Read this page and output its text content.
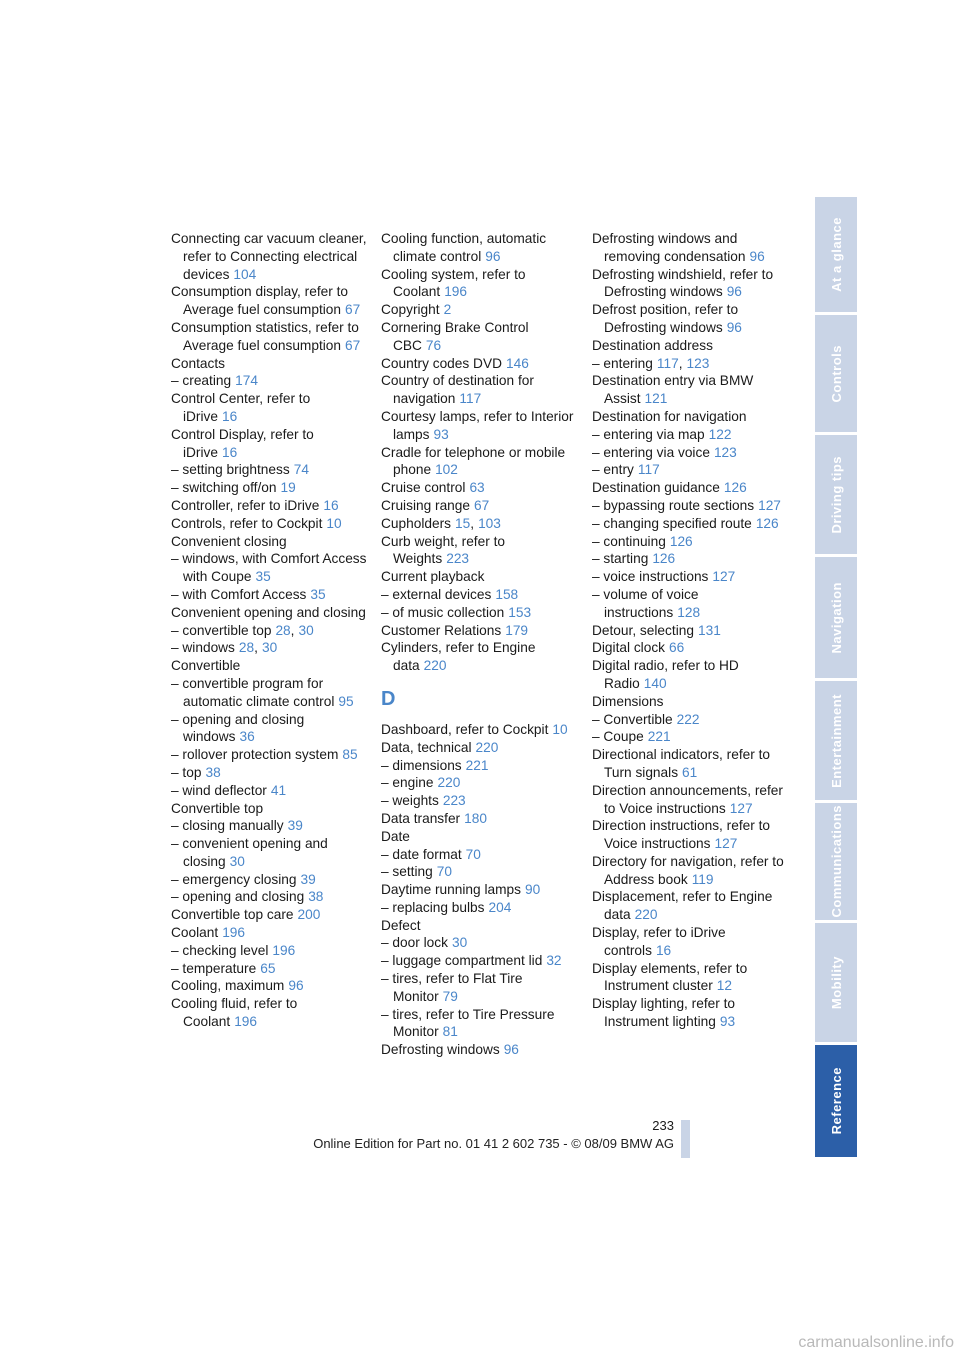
Connecting car vacuum cleaner, refer to Connecting electrical devices 104
Consumption display, refer to Average fuel consumption 67
Consumption statistics, refer to Average fuel consumption 67
Contacts
– creating 174
Control Center, refer to iDrive 16
Control Display, refer to iDrive 16
– setting brightness 74
– switching off/on 19
Controller, refer to iDrive 16
Controls, refer to Cockpit 10
Convenient closing
– windows, with Comfort Access with Coupe 35
– with Comfort Access 35
Convenient opening and closing
– convertible top 28, 30
– windows 28, 30
Convertible
– convertible program for automatic climate control 95
– opening and closing windows 36
– rollover protection system 85
– top 38
– wind deflector 41
Convertible top
– closing manually 39
– convenient opening and closing 30
– emergency closing 39
– opening and closing 38
Convertible top care 200
Coolant 196
– checking level 196
– temperature 65
Cooling, maximum 96
Cooling fluid, refer to Coolant 196
Cooling function, automatic climate control 96
Cooling system, refer to Coolant 196
Copyright 2
Cornering Brake Control CBC 76
Country codes DVD 146
Country of destination for navigation 117
Courtesy lamps, refer to Interior lamps 93
Cradle for telephone or mobile phone 102
Cruise control 63
Cruising range 67
Cupholders 15, 103
Curb weight, refer to Weights 223
Current playback
– external devices 158
– of music collection 153
Customer Relations 179
Cylinders, refer to Engine data 220
D
Dashboard, refer to Cockpit 10
Data, technical 220
– dimensions 221
– engine 220
– weights 223
Data transfer 180
Date
– date format 70
– setting 70
Daytime running lamps 90
– replacing bulbs 204
Defect
– door lock 30
– luggage compartment lid 32
– tires, refer to Flat Tire Monitor 79
– tires, refer to Tire Pressure Monitor 81
Defrosting windows 96
Defrosting windows and removing condensation 96
Defrosting windshield, refer to Defrosting windows 96
Defrost position, refer to Defrosting windows 96
Destination address
– entering 117, 123
Destination entry via BMW Assist 121
Destination for navigation
– entering via map 122
– entering via voice 123
– entry 117
Destination guidance 126
– bypassing route sections 127
– changing specified route 126
– continuing 126
– starting 126
– voice instructions 127
– volume of voice instructions 128
Detour, selecting 131
Digital clock 66
Digital radio, refer to HD Radio 140
Dimensions
– Convertible 222
– Coupe 221
Directional indicators, refer to Turn signals 61
Direction announcements, refer to Voice instructions 127
Direction instructions, refer to Voice instructions 127
Directory for navigation, refer to Address book 119
Displacement, refer to Engine data 220
Display, refer to iDrive controls 16
Display elements, refer to Instrument cluster 12
Display lighting, refer to Instrument lighting 93
At a glance
Controls
Driving tips
Navigation
Entertainment
Communications
Mobility
Reference
233
Online Edition for Part no. 01 41 2 602 735 - © 08/09 BMW AG
carmanualsonline.info
